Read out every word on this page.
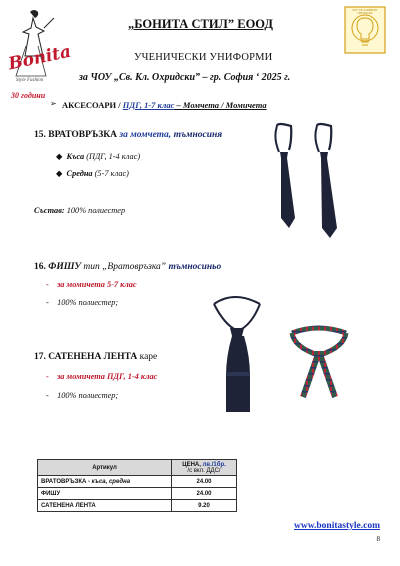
Bonita
Style Fashion
30 години
ЧОУ СВ. КЛИМЕНТ ОХРИДСКИ
„БОНИТА СТИЛ” ЕООД
УЧЕНИЧЕСКИ УНИФОРМИ
за ЧОУ „Св. Кл. Охридски” – гр. София ‘ 2025 г.
➢ АКСЕСОАРИ / ПДГ, 1-7 клас – Момчета / Момичета
15. ВРАТОВРЪЗКА за момчета, тъмносиня
◆ Къса (ПДГ, 1-4 клас)
◆ Средна (5-7 клас)
Състав: 100% полиестер
16. ФИШУ тип „Вратовръзка” тъмносиньо
- за момичета 5-7 клас
- 100% полиестер;
17. САТЕНЕНА ЛЕНТА каре
- за момичета ПДГ, 1-4 клас
- 100% полиестер;
Артикул	ЦЕНА, лв./1бр.
/с вкл. ДДС/
ВРАТОВРЪЗКА - къса, средна	24.00
ФИШУ	24.00
САТЕНЕНА ЛЕНТА	9.20
www.bonitastyle.com
8
